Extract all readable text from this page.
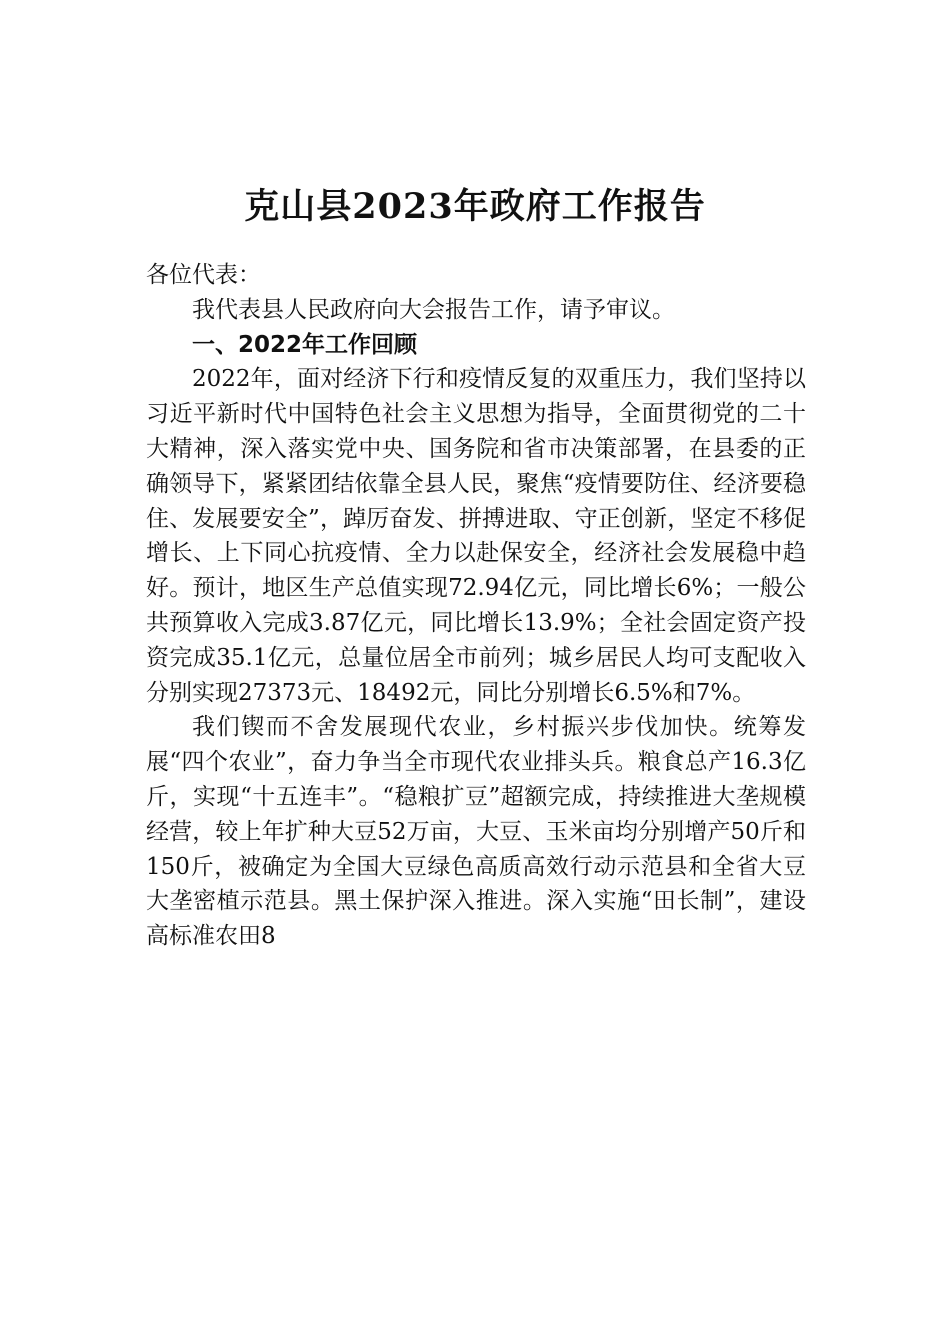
克山县2023年政府工作报告

各位代表：

我代表县人民政府向大会报告工作，请予审议。

一、2022年工作回顾

2022年，面对经济下行和疫情反复的双重压力，我们坚持以习近平新时代中国特色社会主义思想为指导，全面贯彻党的二十大精神，深入落实党中央、国务院和省市决策部署，在县委的正确领导下，紧紧团结依靠全县人民，聚焦“疫情要防住、经济要稳住、发展要安全”，踔厉奋发、拼搏进取、守正创新，坚定不移促增长、上下同心抗疫情、全力以赴保安全，经济社会发展稳中趋好。预计，地区生产总值实现72.94亿元，同比增长6%；一般公共预算收入完成3.87亿元，同比增长13.9%；全社会固定资产投资完成35.1亿元，总量位居全市前列；城乡居民人均可支配收入分别实现27373元、18492元，同比分别增长6.5%和7%。

我们锲而不舍发展现代农业，乡村振兴步伐加快。统筹发展“四个农业”，奋力争当全市现代农业排头兵。粮食总产16.3亿斤，实现“十五连丰”。“稳粮扩豆”超额完成，持续推进大垄规模经营，较上年扩种大豆52万亩，大豆、玉米亩均分别增产50斤和150斤，被确定为全国大豆绿色高质高效行动示范县和全省大豆大垄密植示范县。黑土保护深入推进。深入实施“田长制”，建设高标准农田8
